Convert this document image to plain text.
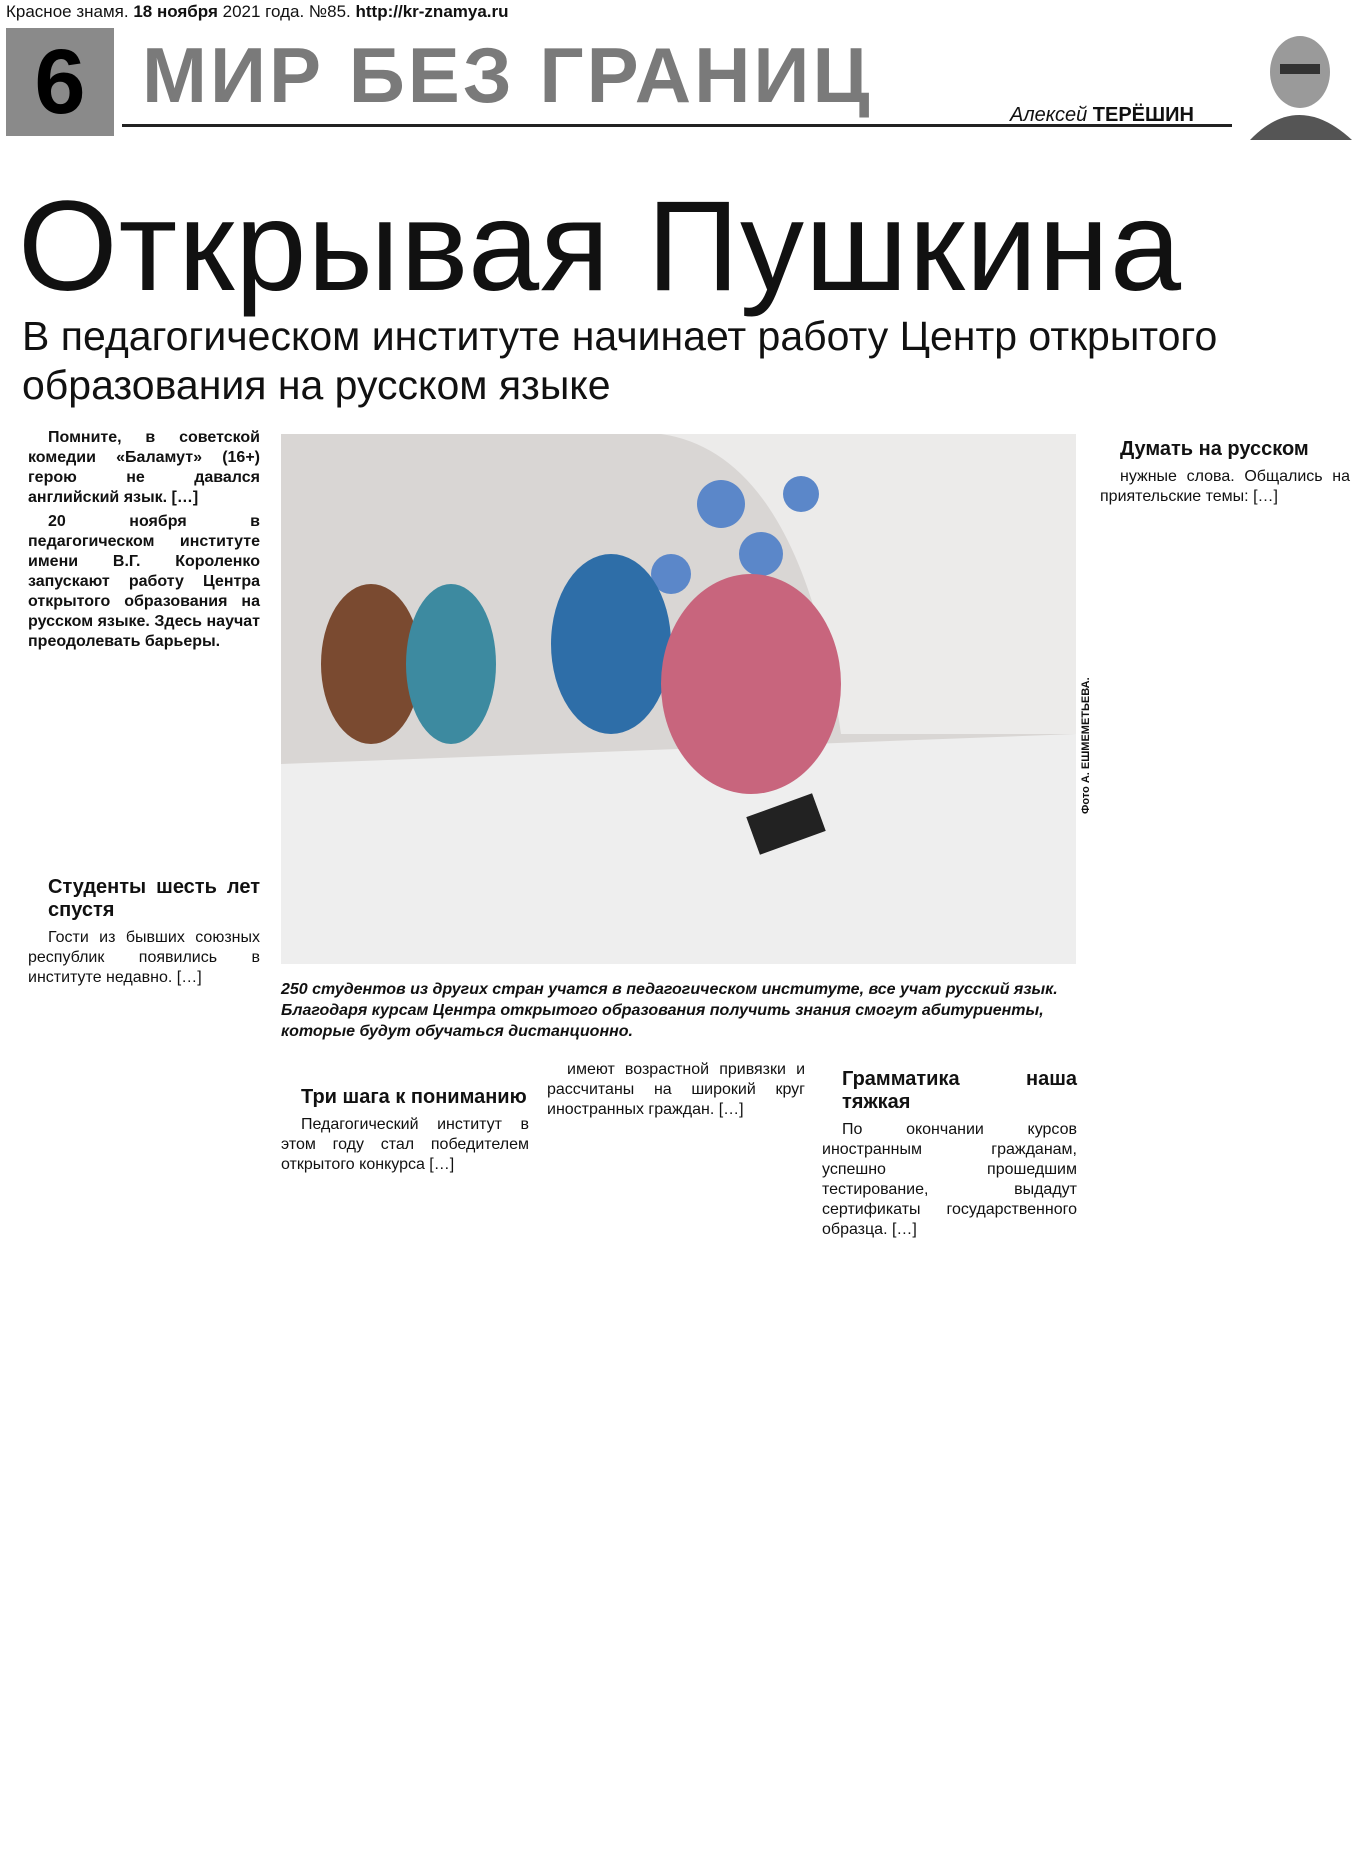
Красное знамя. 18 ноября 2021 года. №85. http://kr-znamya.ru
6 МИР БЕЗ ГРАНИЦ	Алексей ТЕРЁШИН
Открывая Пушкина
В педагогическом институте начинает работу Центр открытого образования на русском языке

Помните, в советской комедии «Баламут» (16+) герою не давался английский язык. […]

20 ноября в педагогическом институте имени В.Г. Короленко запускают работу Центра открытого образования на русском языке. Здесь научат преодолевать барьеры.

Фото А. ЕШМЕМЕТЬЕВА.
250 студентов из других стран учатся в педагогическом институте, все учат русский язык. Благодаря курсам Центра открытого образования получить знания смогут абитуриенты, которые будут обучаться дистанционно.
Студенты шесть лет спустя

Гости из бывших союзных республик появились в институте недавно. […]

Три шага к пониманию

Педагогический институт в этом году стал победителем открытого конкурса […]

имеют возрастной привязки и рассчитаны на широкий круг иностранных граждан. […]

Грамматика наша тяжкая

По окончании курсов иностранным гражданам, успешно прошедшим тестирование, выдадут сертификаты государственного образца. […]

Думать на русском

нужные слова. Общались на приятельские темы: […]
